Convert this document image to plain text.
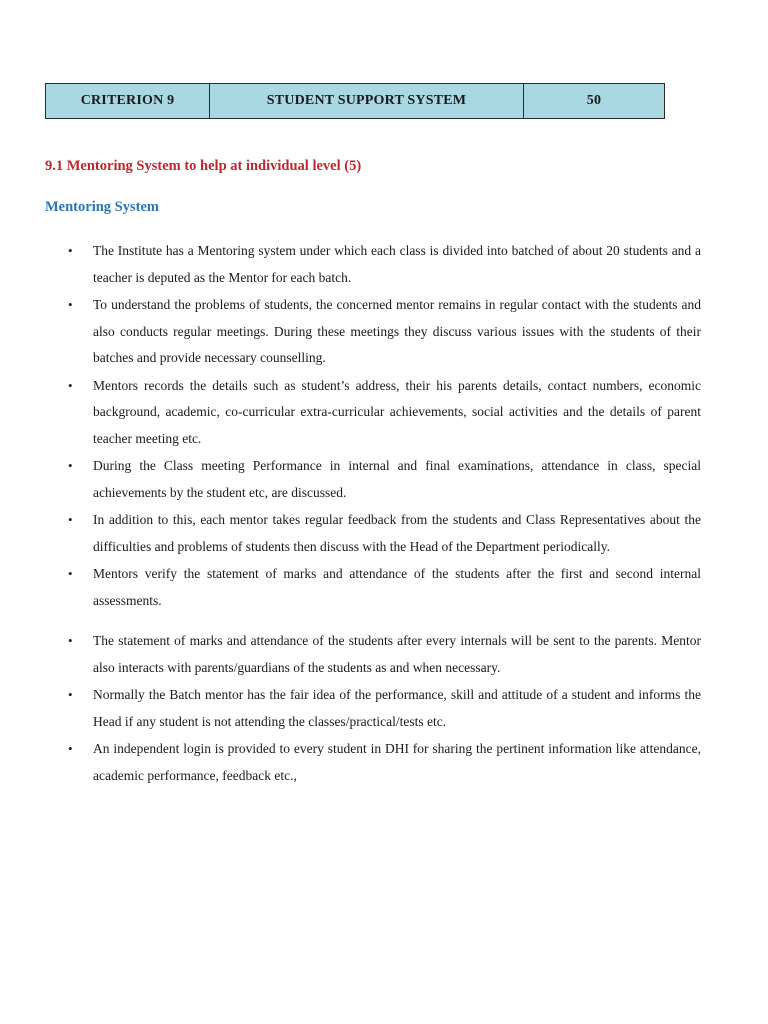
CRITERION 9	STUDENT SUPPORT SYSTEM	50
9.1 Mentoring System to help at individual level (5)
Mentoring System
• The Institute has a Mentoring system under which each class is divided into batched of about 20 students and a teacher is deputed as the Mentor for each batch.
• To understand the problems of students, the concerned mentor remains in regular contact with the students and also conducts regular meetings. During these meetings they discuss various issues with the students of their batches and provide necessary counselling.
• Mentors records the details such as student’s address, their his parents details, contact numbers, economic background, academic, co-curricular extra-curricular achievements, social activities and the details of parent teacher meeting etc.
• During the Class meeting Performance in internal and final examinations, attendance in class, special achievements by the student etc, are discussed.
• In addition to this, each mentor takes regular feedback from the students and Class Representatives about the difficulties and problems of students then discuss with the Head of the Department periodically.
• Mentors verify the statement of marks and attendance of the students after the first and second internal assessments.
• The statement of marks and attendance of the students after every internals will be sent to the parents. Mentor also interacts with parents/guardians of the students as and when necessary.
• Normally the Batch mentor has the fair idea of the performance, skill and attitude of a student and informs the Head if any student is not attending the classes/practical/tests etc.
• An independent login is provided to every student in DHI for sharing the pertinent information like attendance, academic performance, feedback etc.,
